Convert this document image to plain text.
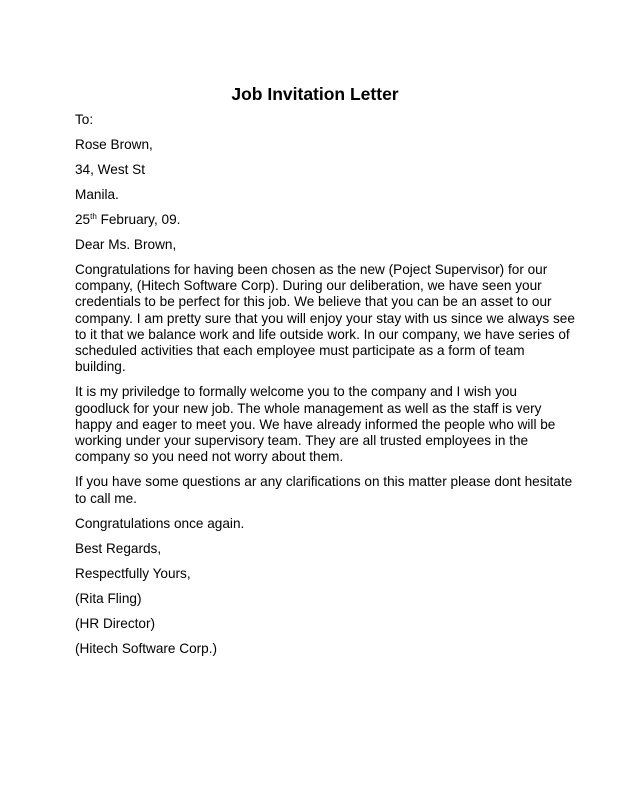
Job Invitation Letter
To:
Rose Brown,
34, West St
Manila.
25th February, 09.
Dear Ms. Brown,
Congratulations for having been chosen as the new (Poject Supervisor) for our company, (Hitech Software Corp). During our deliberation, we have seen your credentials to be perfect for this job. We believe that you can be an asset to our company. I am pretty sure that you will enjoy your stay with us since we always see to it that we balance work and life outside work. In our company, we have series of scheduled activities that each employee must participate as a form of team building.
It is my priviledge to formally welcome you to the company and I wish you goodluck for your new job. The whole management as well as the staff is very happy and eager to meet you. We have already informed the people who will be working under your supervisory team. They are all trusted employees in the company so you need not worry about them.
If you have some questions ar any clarifications on this matter please dont hesitate to call me.
Congratulations once again.
Best Regards,
Respectfully Yours,
(Rita Fling)
(HR Director)
(Hitech Software Corp.)
